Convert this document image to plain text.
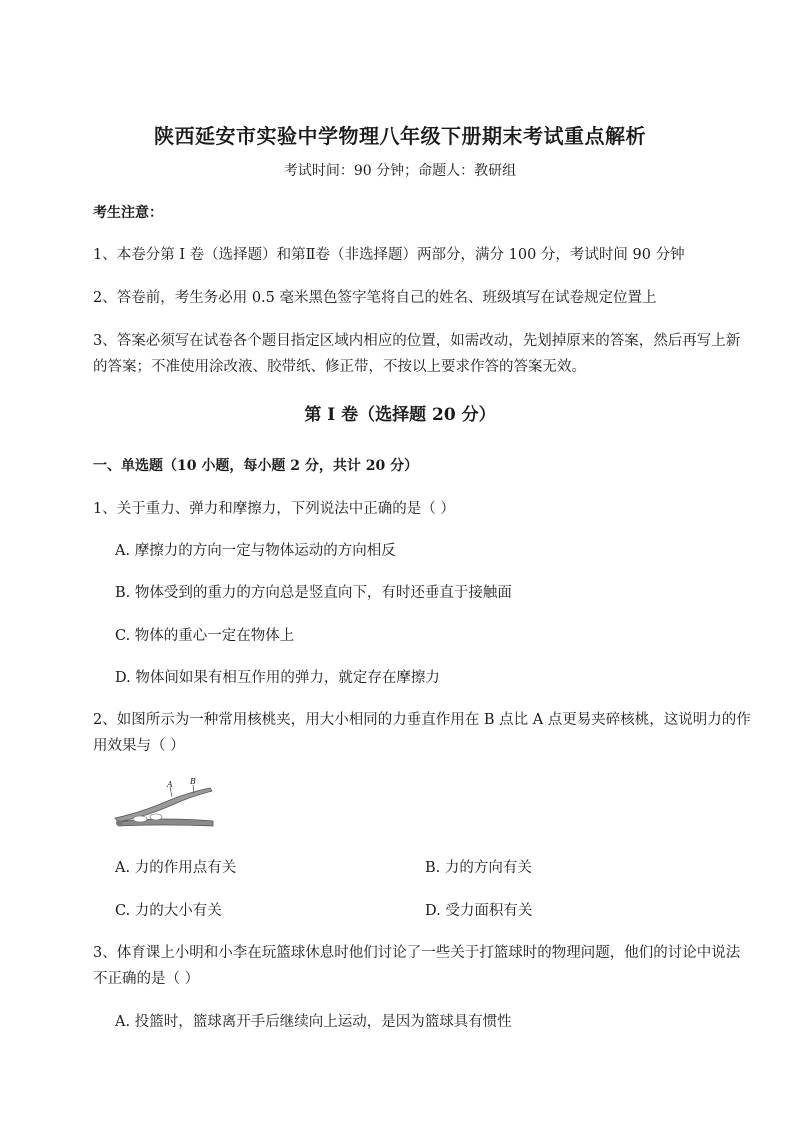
陕西延安市实验中学物理八年级下册期末考试重点解析
考试时间：90 分钟；命题人：教研组
考生注意：
1、本卷分第 I 卷（选择题）和第Ⅱ卷（非选择题）两部分，满分 100 分，考试时间 90 分钟
2、答卷前，考生务必用 0.5 毫米黑色签字笔将自己的姓名、班级填写在试卷规定位置上
3、答案必须写在试卷各个题目指定区域内相应的位置，如需改动，先划掉原来的答案，然后再写上新
的答案；不准使用涂改液、胶带纸、修正带，不按以上要求作答的答案无效。
第 I 卷（选择题 20 分）
一、单选题（10 小题，每小题 2 分，共计 20 分）
1、关于重力、弹力和摩擦力，下列说法中正确的是（ ）
A. 摩擦力的方向一定与物体运动的方向相反
B. 物体受到的重力的方向总是竖直向下，有时还垂直于接触面
C. 物体的重心一定在物体上
D. 物体间如果有相互作用的弹力，就定存在摩擦力
2、如图所示为一种常用核桃夹，用大小相同的力垂直作用在 B 点比 A 点更易夹碎核桃，这说明力的作
用效果与（ ）
A B
A. 力的作用点有关	B. 力的方向有关
C. 力的大小有关	D. 受力面积有关
3、体育课上小明和小李在玩篮球休息时他们讨论了一些关于打篮球时的物理问题，他们的讨论中说法
不正确的是（ ）
A. 投篮时，篮球离开手后继续向上运动，是因为篮球具有惯性
